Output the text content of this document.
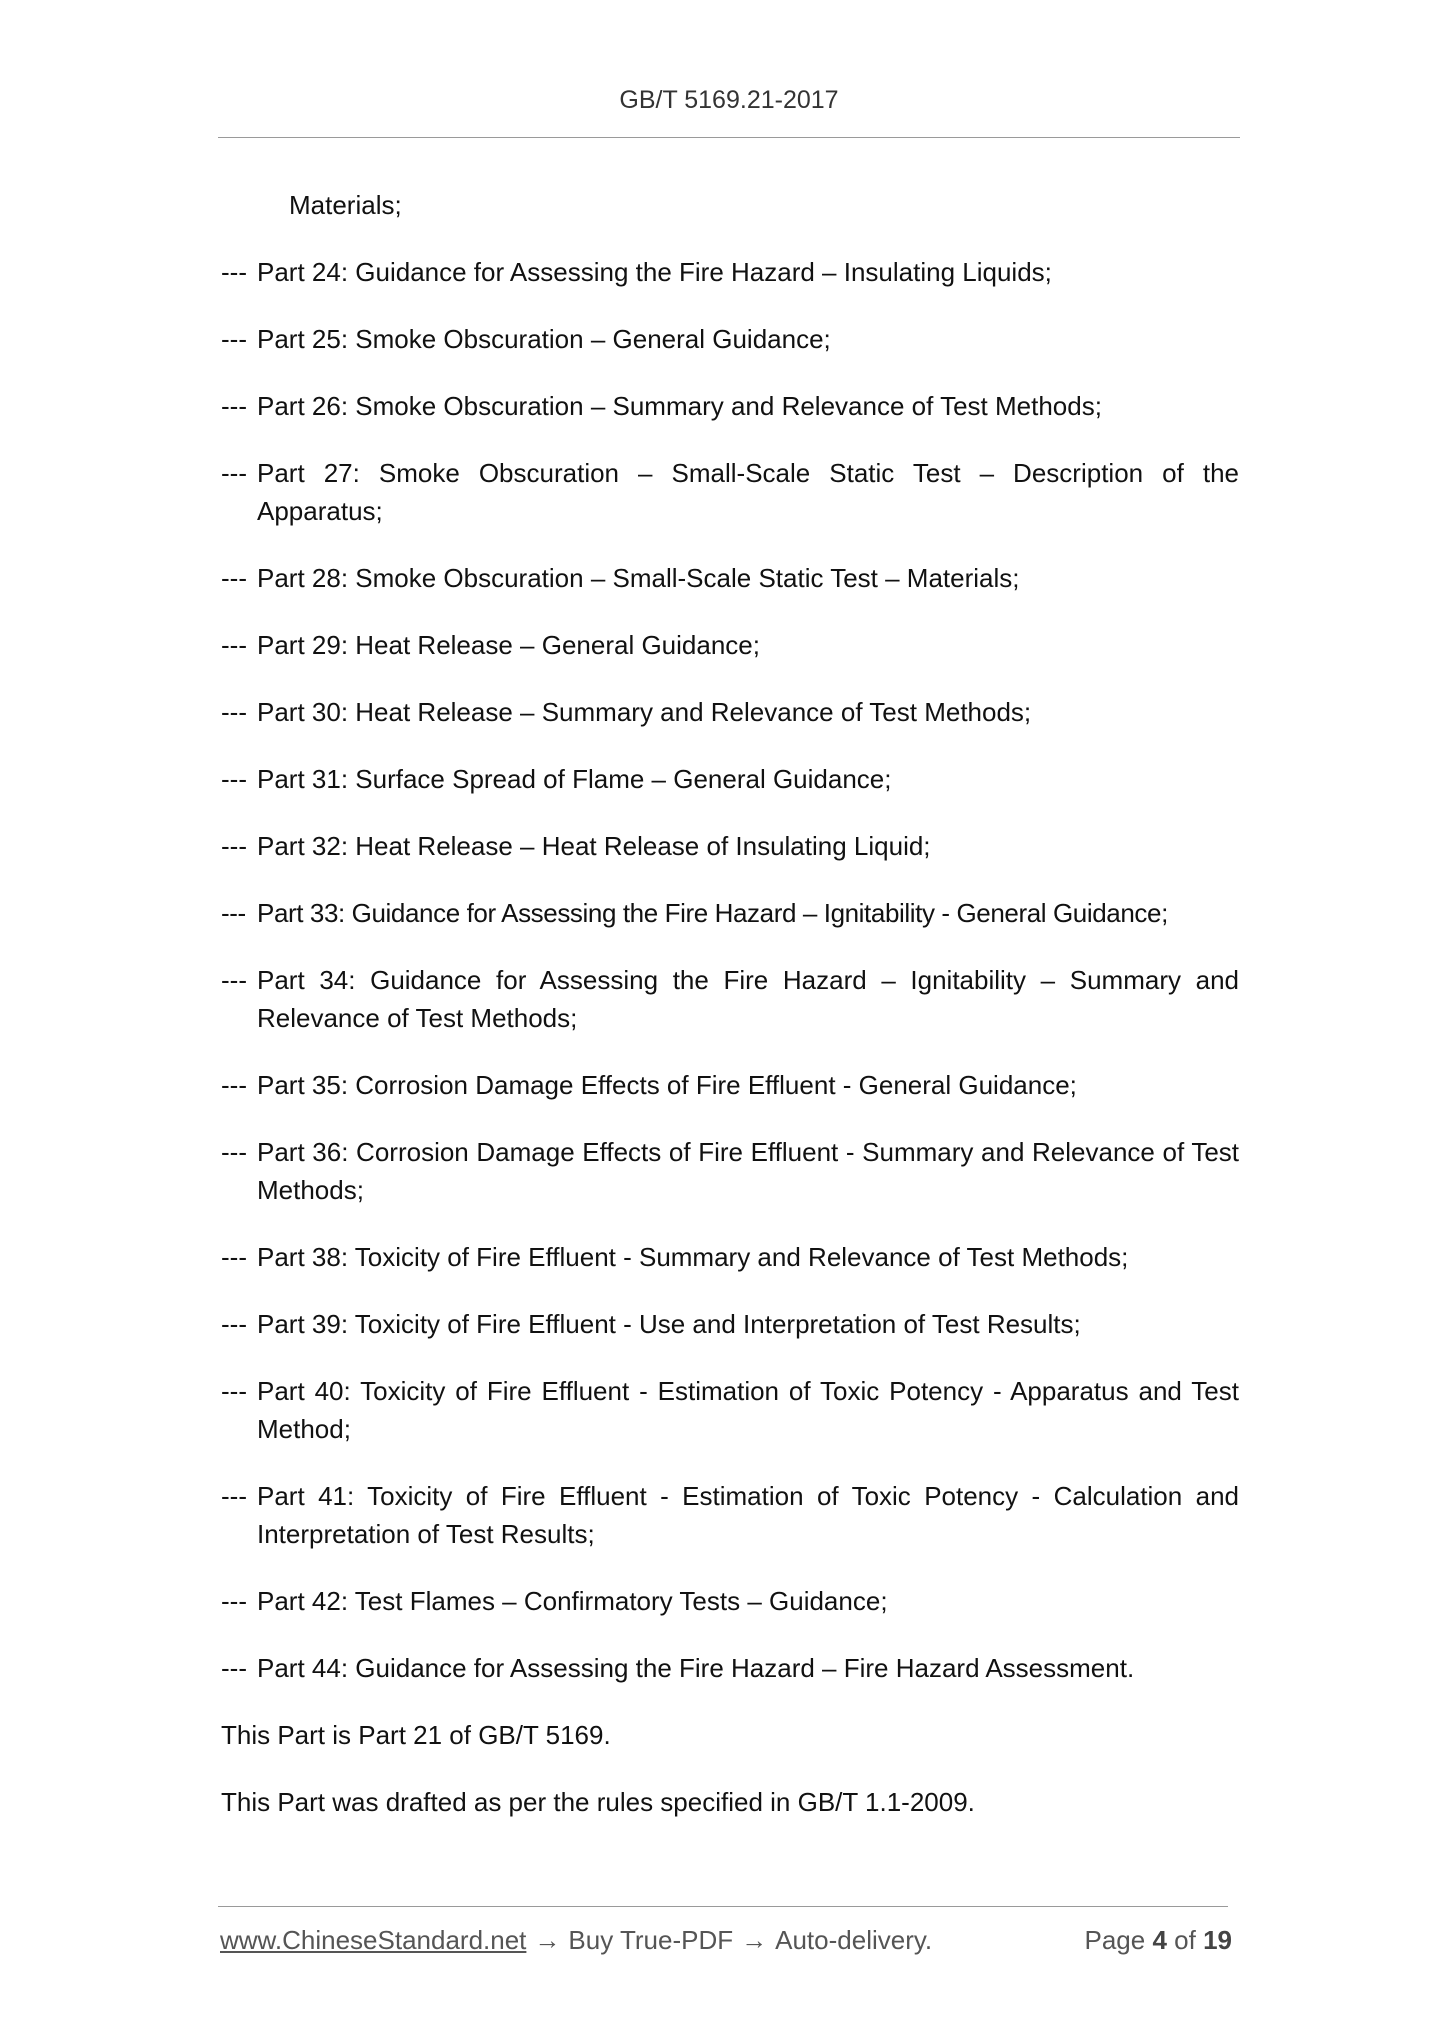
GB/T 5169.21-2017
Materials;
--- Part 24: Guidance for Assessing the Fire Hazard – Insulating Liquids;
--- Part 25: Smoke Obscuration – General Guidance;
--- Part 26: Smoke Obscuration – Summary and Relevance of Test Methods;
--- Part 27: Smoke Obscuration – Small-Scale Static Test – Description of the Apparatus;
--- Part 28: Smoke Obscuration – Small-Scale Static Test – Materials;
--- Part 29: Heat Release – General Guidance;
--- Part 30: Heat Release – Summary and Relevance of Test Methods;
--- Part 31: Surface Spread of Flame – General Guidance;
--- Part 32: Heat Release – Heat Release of Insulating Liquid;
--- Part 33: Guidance for Assessing the Fire Hazard – Ignitability - General Guidance;
--- Part 34: Guidance for Assessing the Fire Hazard – Ignitability – Summary and Relevance of Test Methods;
--- Part 35: Corrosion Damage Effects of Fire Effluent - General Guidance;
--- Part 36: Corrosion Damage Effects of Fire Effluent - Summary and Relevance of Test Methods;
--- Part 38: Toxicity of Fire Effluent - Summary and Relevance of Test Methods;
--- Part 39: Toxicity of Fire Effluent - Use and Interpretation of Test Results;
--- Part 40: Toxicity of Fire Effluent - Estimation of Toxic Potency - Apparatus and Test Method;
--- Part 41: Toxicity of Fire Effluent - Estimation of Toxic Potency - Calculation and Interpretation of Test Results;
--- Part 42: Test Flames – Confirmatory Tests – Guidance;
--- Part 44: Guidance for Assessing the Fire Hazard – Fire Hazard Assessment.
This Part is Part 21 of GB/T 5169.
This Part was drafted as per the rules specified in GB/T 1.1-2009.
www.ChineseStandard.net → Buy True-PDF → Auto-delivery.	Page 4 of 19
